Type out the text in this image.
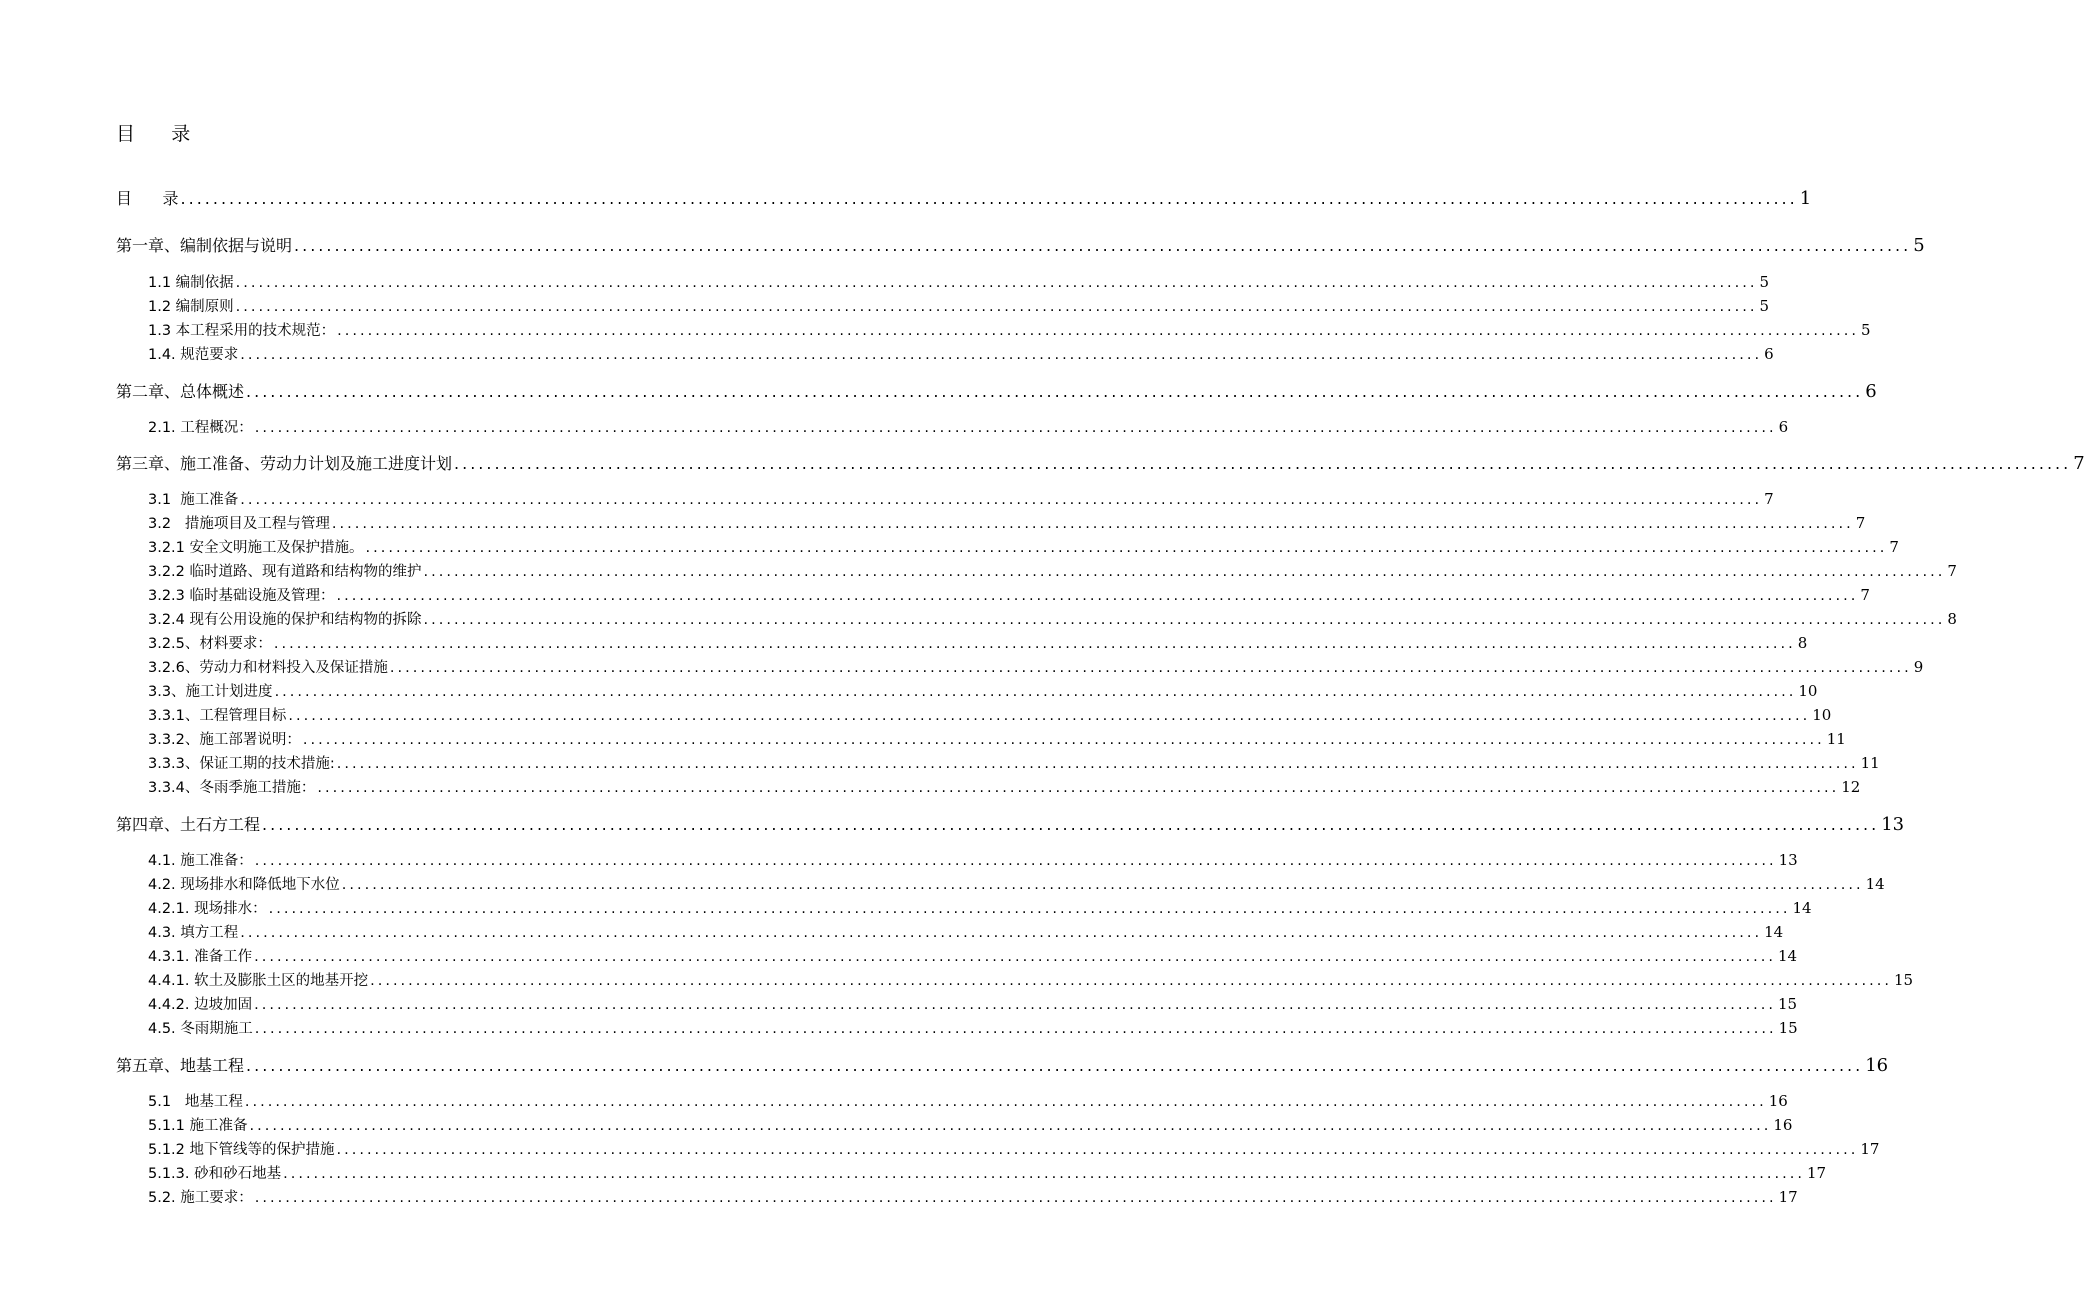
目      录
目      录 ........................................................................................................................................................................................................ 1
第一章、编制依据与说明 ........................................................................................................................................................................................................ 5
1.1 编制依据 ........................................................................................................................................................................................................ 5
1.2 编制原则 ........................................................................................................................................................................................................ 5
1.3 本工程采用的技术规范： ........................................................................................................................................................................................................ 5
1.4. 规范要求 ........................................................................................................................................................................................................ 6
第二章、总体概述 ........................................................................................................................................................................................................ 6
2.1. 工程概况： ........................................................................................................................................................................................................ 6
第三章、施工准备、劳动力计划及施工进度计划 ........................................................................................................................................................................................................ 7
3.1  施工准备 ........................................................................................................................................................................................................ 7
3.2   措施项目及工程与管理 ........................................................................................................................................................................................................ 7
3.2.1 安全文明施工及保护措施。 ........................................................................................................................................................................................................ 7
3.2.2 临时道路、现有道路和结构物的维护 ........................................................................................................................................................................................................ 7
3.2.3 临时基础设施及管理： ........................................................................................................................................................................................................ 7
3.2.4 现有公用设施的保护和结构物的拆除 ........................................................................................................................................................................................................ 8
3.2.5、材料要求： ........................................................................................................................................................................................................ 8
3.2.6、劳动力和材料投入及保证措施 ........................................................................................................................................................................................................ 9
3.3、施工计划进度 ........................................................................................................................................................................................................ 10
3.3.1、工程管理目标 ........................................................................................................................................................................................................ 10
3.3.2、施工部署说明： ........................................................................................................................................................................................................ 11
3.3.3、保证工期的技术措施: ........................................................................................................................................................................................................ 11
3.3.4、冬雨季施工措施： ........................................................................................................................................................................................................ 12
第四章、土石方工程 ........................................................................................................................................................................................................ 13
4.1. 施工准备： ........................................................................................................................................................................................................ 13
4.2. 现场排水和降低地下水位 ........................................................................................................................................................................................................ 14
4.2.1. 现场排水： ........................................................................................................................................................................................................ 14
4.3. 填方工程 ........................................................................................................................................................................................................ 14
4.3.1. 准备工作 ........................................................................................................................................................................................................ 14
4.4.1. 软土及膨胀土区的地基开挖 ........................................................................................................................................................................................................ 15
4.4.2. 边坡加固 ........................................................................................................................................................................................................ 15
4.5. 冬雨期施工 ........................................................................................................................................................................................................ 15
第五章、地基工程 ........................................................................................................................................................................................................ 16
5.1   地基工程 ........................................................................................................................................................................................................ 16
5.1.1 施工准备 ........................................................................................................................................................................................................ 16
5.1.2 地下管线等的保护措施 ........................................................................................................................................................................................................ 17
5.1.3. 砂和砂石地基 ........................................................................................................................................................................................................ 17
5.2. 施工要求： ........................................................................................................................................................................................................ 17
